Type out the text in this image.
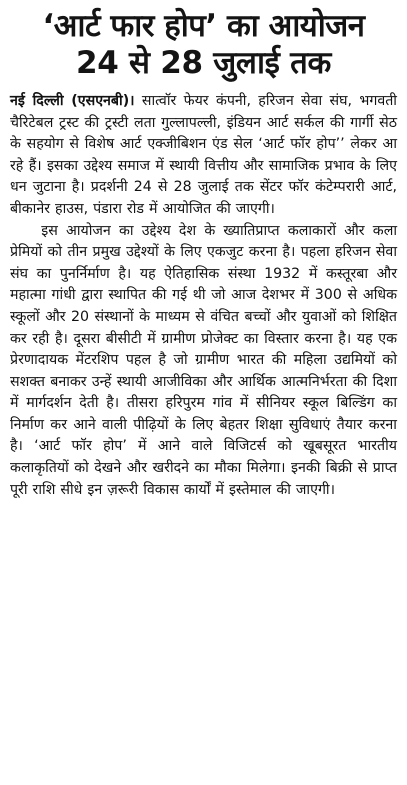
‘आर्ट फार होप’ का आयोजन
24 से 28 जुलाई तक

नई दिल्ली (एसएनबी)। सात्वॉर फेयर कंपनी, हरिजन सेवा संघ, भगवती चैरिटेबल ट्रस्ट की ट्रस्टी लता गुल्लापल्ली, इंडियन आर्ट सर्कल की गार्गी सेठ के सहयोग से विशेष आर्ट एक्जीबिशन एंड सेल ‘आर्ट फॉर होप’’ लेकर आ रहे हैं। इसका उद्देश्य समाज में स्थायी वित्तीय और सामाजिक प्रभाव के लिए धन जुटाना है। प्रदर्शनी 24 से 28 जुलाई तक सेंटर फॉर कंटेम्परारी आर्ट, बीकानेर हाउस, पंडारा रोड में आयोजित की जाएगी।

इस आयोजन का उद्देश्य देश के ख्यातिप्राप्त कलाकारों और कला प्रेमियों को तीन प्रमुख उद्देश्यों के लिए एकजुट करना है। पहला हरिजन सेवा संघ का पुनर्निर्माण है। यह ऐतिहासिक संस्था 1932 में कस्तूरबा और महात्मा गांधी द्वारा स्थापित की गई थी जो आज देशभर में 300 से अधिक स्कूलों और 20 संस्थानों के माध्यम से वंचित बच्चों और युवाओं को शिक्षित कर रही है। दूसरा बीसीटी में ग्रामीण प्रोजेक्ट का विस्तार करना है। यह एक प्रेरणादायक मेंटरशिप पहल है जो ग्रामीण भारत की महिला उद्यमियों को सशक्त बनाकर उन्हें स्थायी आजीविका और आर्थिक आत्मनिर्भरता की दिशा में मार्गदर्शन देती है। तीसरा हरिपुरम गांव में सीनियर स्कूल बिल्डिंग का निर्माण कर आने वाली पीढ़ियों के लिए बेहतर शिक्षा सुविधाएं तैयार करना है। ‘आर्ट फॉर होप’ में आने वाले विजिटर्स को खूबसूरत भारतीय कलाकृतियों को देखने और खरीदने का मौका मिलेगा। इनकी बिक्री से प्राप्त पूरी राशि सीधे इन ज़रूरी विकास कार्यों में इस्तेमाल की जाएगी।
